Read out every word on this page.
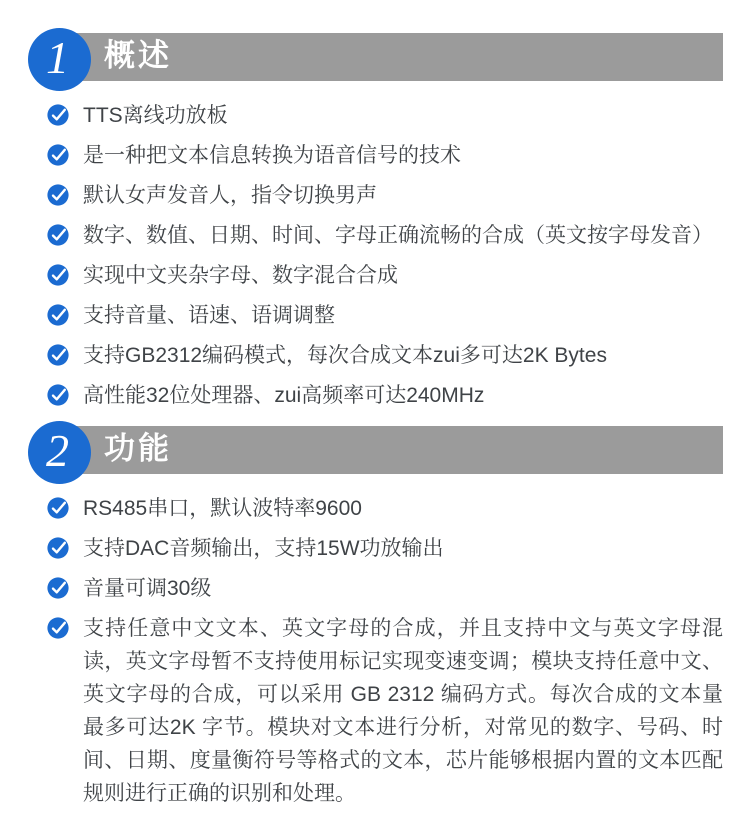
概述
1
TTS离线功放板
是一种把文本信息转换为语音信号的技术
默认女声发音人，指令切换男声
数字、数值、日期、时间、字母正确流畅的合成（英文按字母发音）
实现中文夹杂字母、数字混合合成
支持音量、语速、语调调整
支持GB2312编码模式，每次合成文本zui多可达2K Bytes
高性能32位处理器、zui高频率可达240MHz
功能
2
RS485串口，默认波特率9600
支持DAC音频输出，支持15W功放输出
音量可调30级
支持任意中文文本、英文字母的合成，并且支持中文与英文字母混读，英文字母暂不支持使用标记实现变速变调；模块支持任意中文、英文字母的合成，可以采用 GB 2312 编码方式。每次合成的文本量最多可达2K 字节。模块对文本进行分析，对常见的数字、号码、时间、日期、度量衡符号等格式的文本，芯片能够根据内置的文本匹配规则进行正确的识别和处理。
